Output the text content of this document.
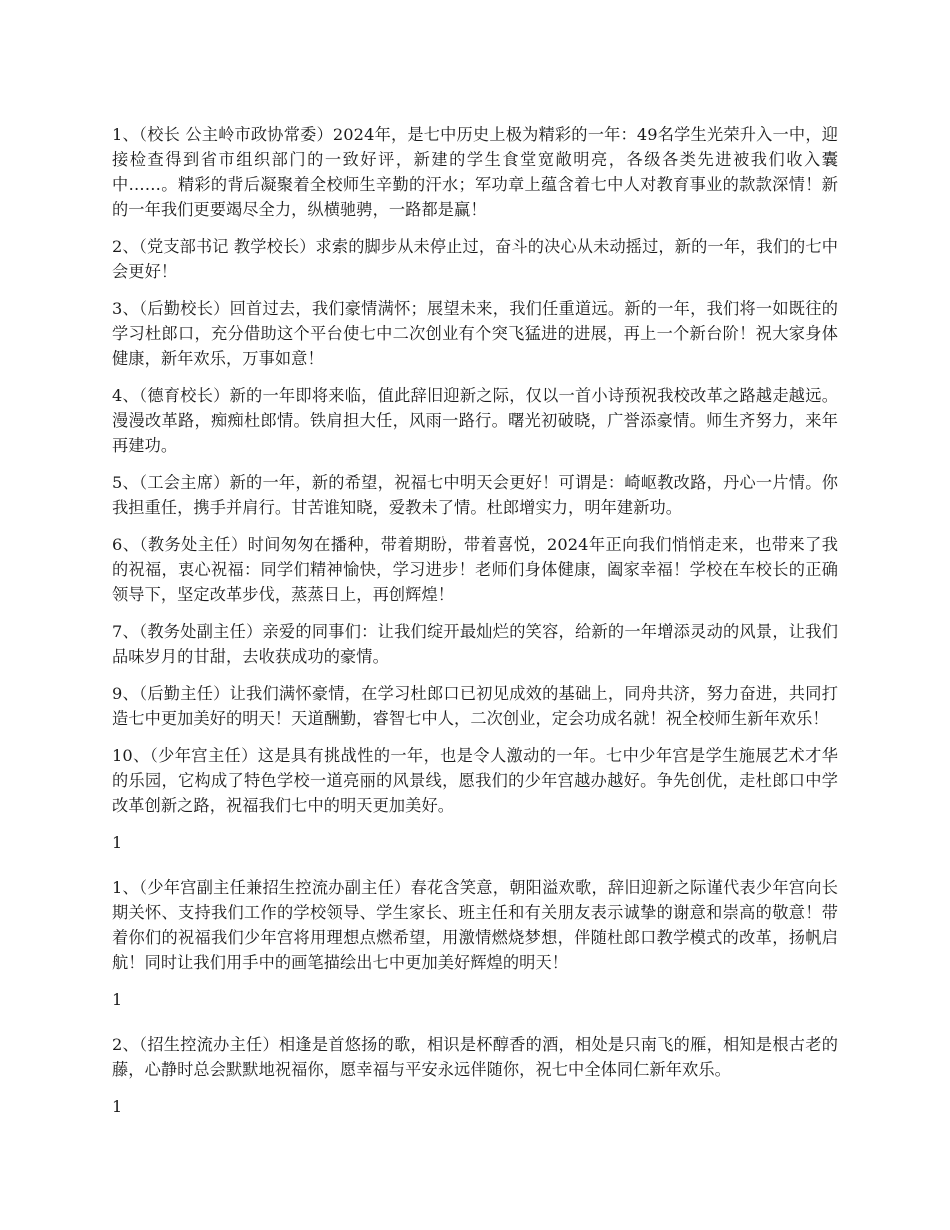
1、（校长 公主岭市政协常委）2024年，是七中历史上极为精彩的一年：49名学生光荣升入一中，迎接检查得到省市组织部门的一致好评，新建的学生食堂宽敞明亮，各级各类先进被我们收入囊中……。精彩的背后凝聚着全校师生辛勤的汗水；军功章上蕴含着七中人对教育事业的款款深情！新的一年我们更要竭尽全力，纵横驰骋，一路都是赢！

2、（党支部书记 教学校长）求索的脚步从未停止过，奋斗的决心从未动摇过，新的一年，我们的七中会更好！

3、（后勤校长）回首过去，我们豪情满怀；展望未来，我们任重道远。新的一年，我们将一如既往的学习杜郎口，充分借助这个平台使七中二次创业有个突飞猛进的进展，再上一个新台阶！祝大家身体健康，新年欢乐，万事如意！

4、（德育校长）新的一年即将来临，值此辞旧迎新之际，仅以一首小诗预祝我校改革之路越走越远。漫漫改革路，痴痴杜郎情。铁肩担大任，风雨一路行。曙光初破晓，广誉添豪情。师生齐努力，来年再建功。

5、（工会主席）新的一年，新的希望，祝福七中明天会更好！可谓是：崎岖教改路，丹心一片情。你我担重任，携手并肩行。甘苦谁知晓，爱教未了情。杜郎增实力，明年建新功。

6、（教务处主任）时间匆匆在播种，带着期盼，带着喜悦，2024年正向我们悄悄走来，也带来了我的祝福，衷心祝福：同学们精神愉快，学习进步！老师们身体健康，阖家幸福！学校在车校长的正确领导下，坚定改革步伐，蒸蒸日上，再创辉煌！

7、（教务处副主任）亲爱的同事们：让我们绽开最灿烂的笑容，给新的一年增添灵动的风景，让我们品味岁月的甘甜，去收获成功的豪情。

9、（后勤主任）让我们满怀豪情，在学习杜郎口已初见成效的基础上，同舟共济，努力奋进，共同打造七中更加美好的明天！天道酬勤，睿智七中人，二次创业，定会功成名就！祝全校师生新年欢乐！

10、（少年宫主任）这是具有挑战性的一年，也是令人激动的一年。七中少年宫是学生施展艺术才华的乐园，它构成了特色学校一道亮丽的风景线，愿我们的少年宫越办越好。争先创优，走杜郎口中学改革创新之路，祝福我们七中的明天更加美好。

1

1、（少年宫副主任兼招生控流办副主任）春花含笑意，朝阳溢欢歌，辞旧迎新之际谨代表少年宫向长期关怀、支持我们工作的学校领导、学生家长、班主任和有关朋友表示诚挚的谢意和崇高的敬意！带着你们的祝福我们少年宫将用理想点燃希望，用激情燃烧梦想，伴随杜郎口教学模式的改革，扬帆启航！同时让我们用手中的画笔描绘出七中更加美好辉煌的明天！

1

2、（招生控流办主任）相逢是首悠扬的歌，相识是杯醇香的酒，相处是只南飞的雁，相知是根古老的藤，心静时总会默默地祝福你，愿幸福与平安永远伴随你，祝七中全体同仁新年欢乐。

1
